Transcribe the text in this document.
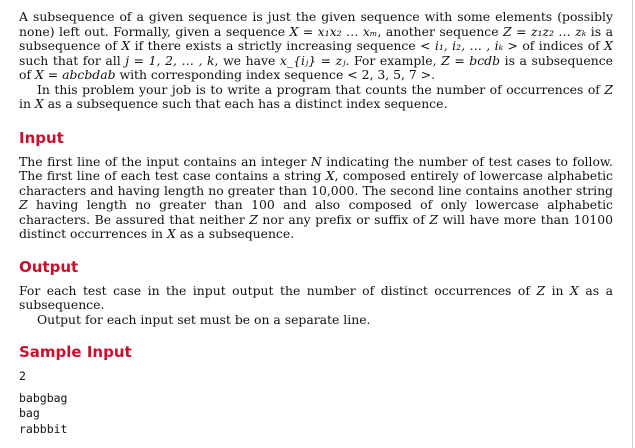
A subsequence of a given sequence is just the given sequence with some elements (possibly none) left out. Formally, given a sequence X = x₁x₂ … xₘ, another sequence Z = z₁z₂ … zₖ is a subsequence of X if there exists a strictly increasing sequence < i₁, i₂, … , iₖ > of indices of X such that for all j = 1, 2, … , k, we have x_{iⱼ} = zⱼ. For example, Z = bcdb is a subsequence of X = abcbdab with corresponding index sequence < 2, 3, 5, 7 >.

In this problem your job is to write a program that counts the number of occurrences of Z in X as a subsequence such that each has a distinct index sequence.

Input

The first line of the input contains an integer N indicating the number of test cases to follow. The first line of each test case contains a string X, composed entirely of lowercase alphabetic characters and having length no greater than 10,000. The second line contains another string Z having length no greater than 100 and also composed of only lowercase alphabetic characters. Be assured that neither Z nor any prefix or suffix of Z will have more than 10100 distinct occurrences in X as a subsequence.

Output

For each test case in the input output the number of distinct occurrences of Z in X as a subsequence.

Output for each input set must be on a separate line.

Sample Input
2
babgbag
bag
rabbbit
